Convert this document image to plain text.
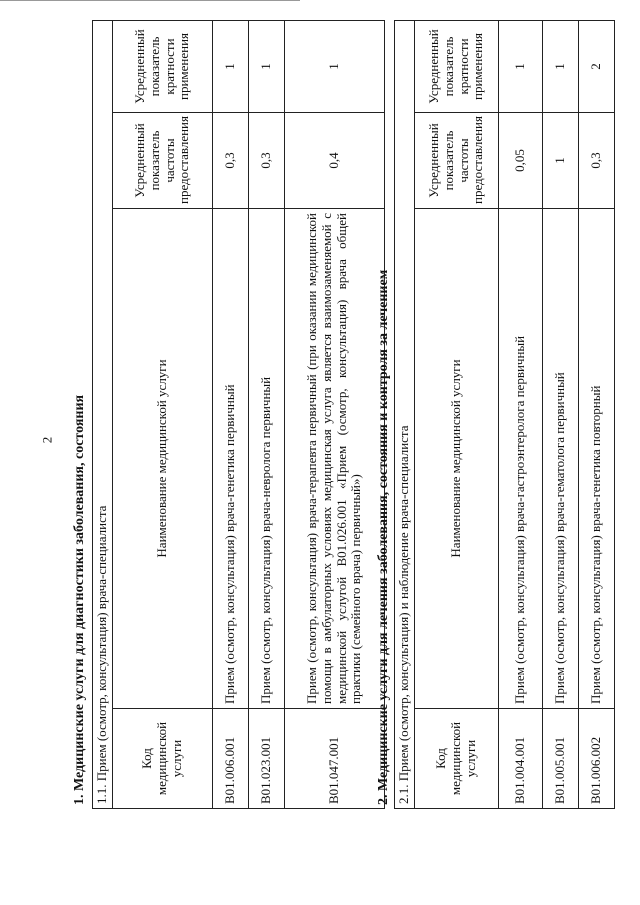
2 1. Медицинские услуги для диагностики заболевания, состояния 1.1. Прием (осмотр, консультация) врача-специалиста			
Код медицинской услуги	Наименование медицинской услуги	Усредненный показатель частоты предоставления	Усредненный показатель кратности применения
B01.006.001	Прием (осмотр, консультация) врача-генетика первичный	0,3	1
B01.023.001	Прием (осмотр, консультация) врача-невролога первичный	0,3	1
B01.047.001	Прием (осмотр, консультация) врача-терапевта первичный (при оказании медицинской помощи в амбулаторных условиях медицинская услуга является взаимозаменяемой с медицинской услугой B01.026.001 «Прием (осмотр, консультация) врача общей практики (семейного врача) первичный»)	0,4	1
2. Медицинские услуги для лечения заболевания, состояния и контроля за лечением 2.1. Прием (осмотр, консультация) и наблюдение врача-специалиста			
Код медицинской услуги	Наименование медицинской услуги	Усредненный показатель частоты предоставления	Усредненный показатель кратности применения
B01.004.001	Прием (осмотр, консультация) врача-гастроэнтеролога первичный	0,05	1
B01.005.001	Прием (осмотр, консультация) врача-гематолога первичный	1	1
B01.006.002	Прием (осмотр, консультация) врача-генетика повторный	0,3	2
